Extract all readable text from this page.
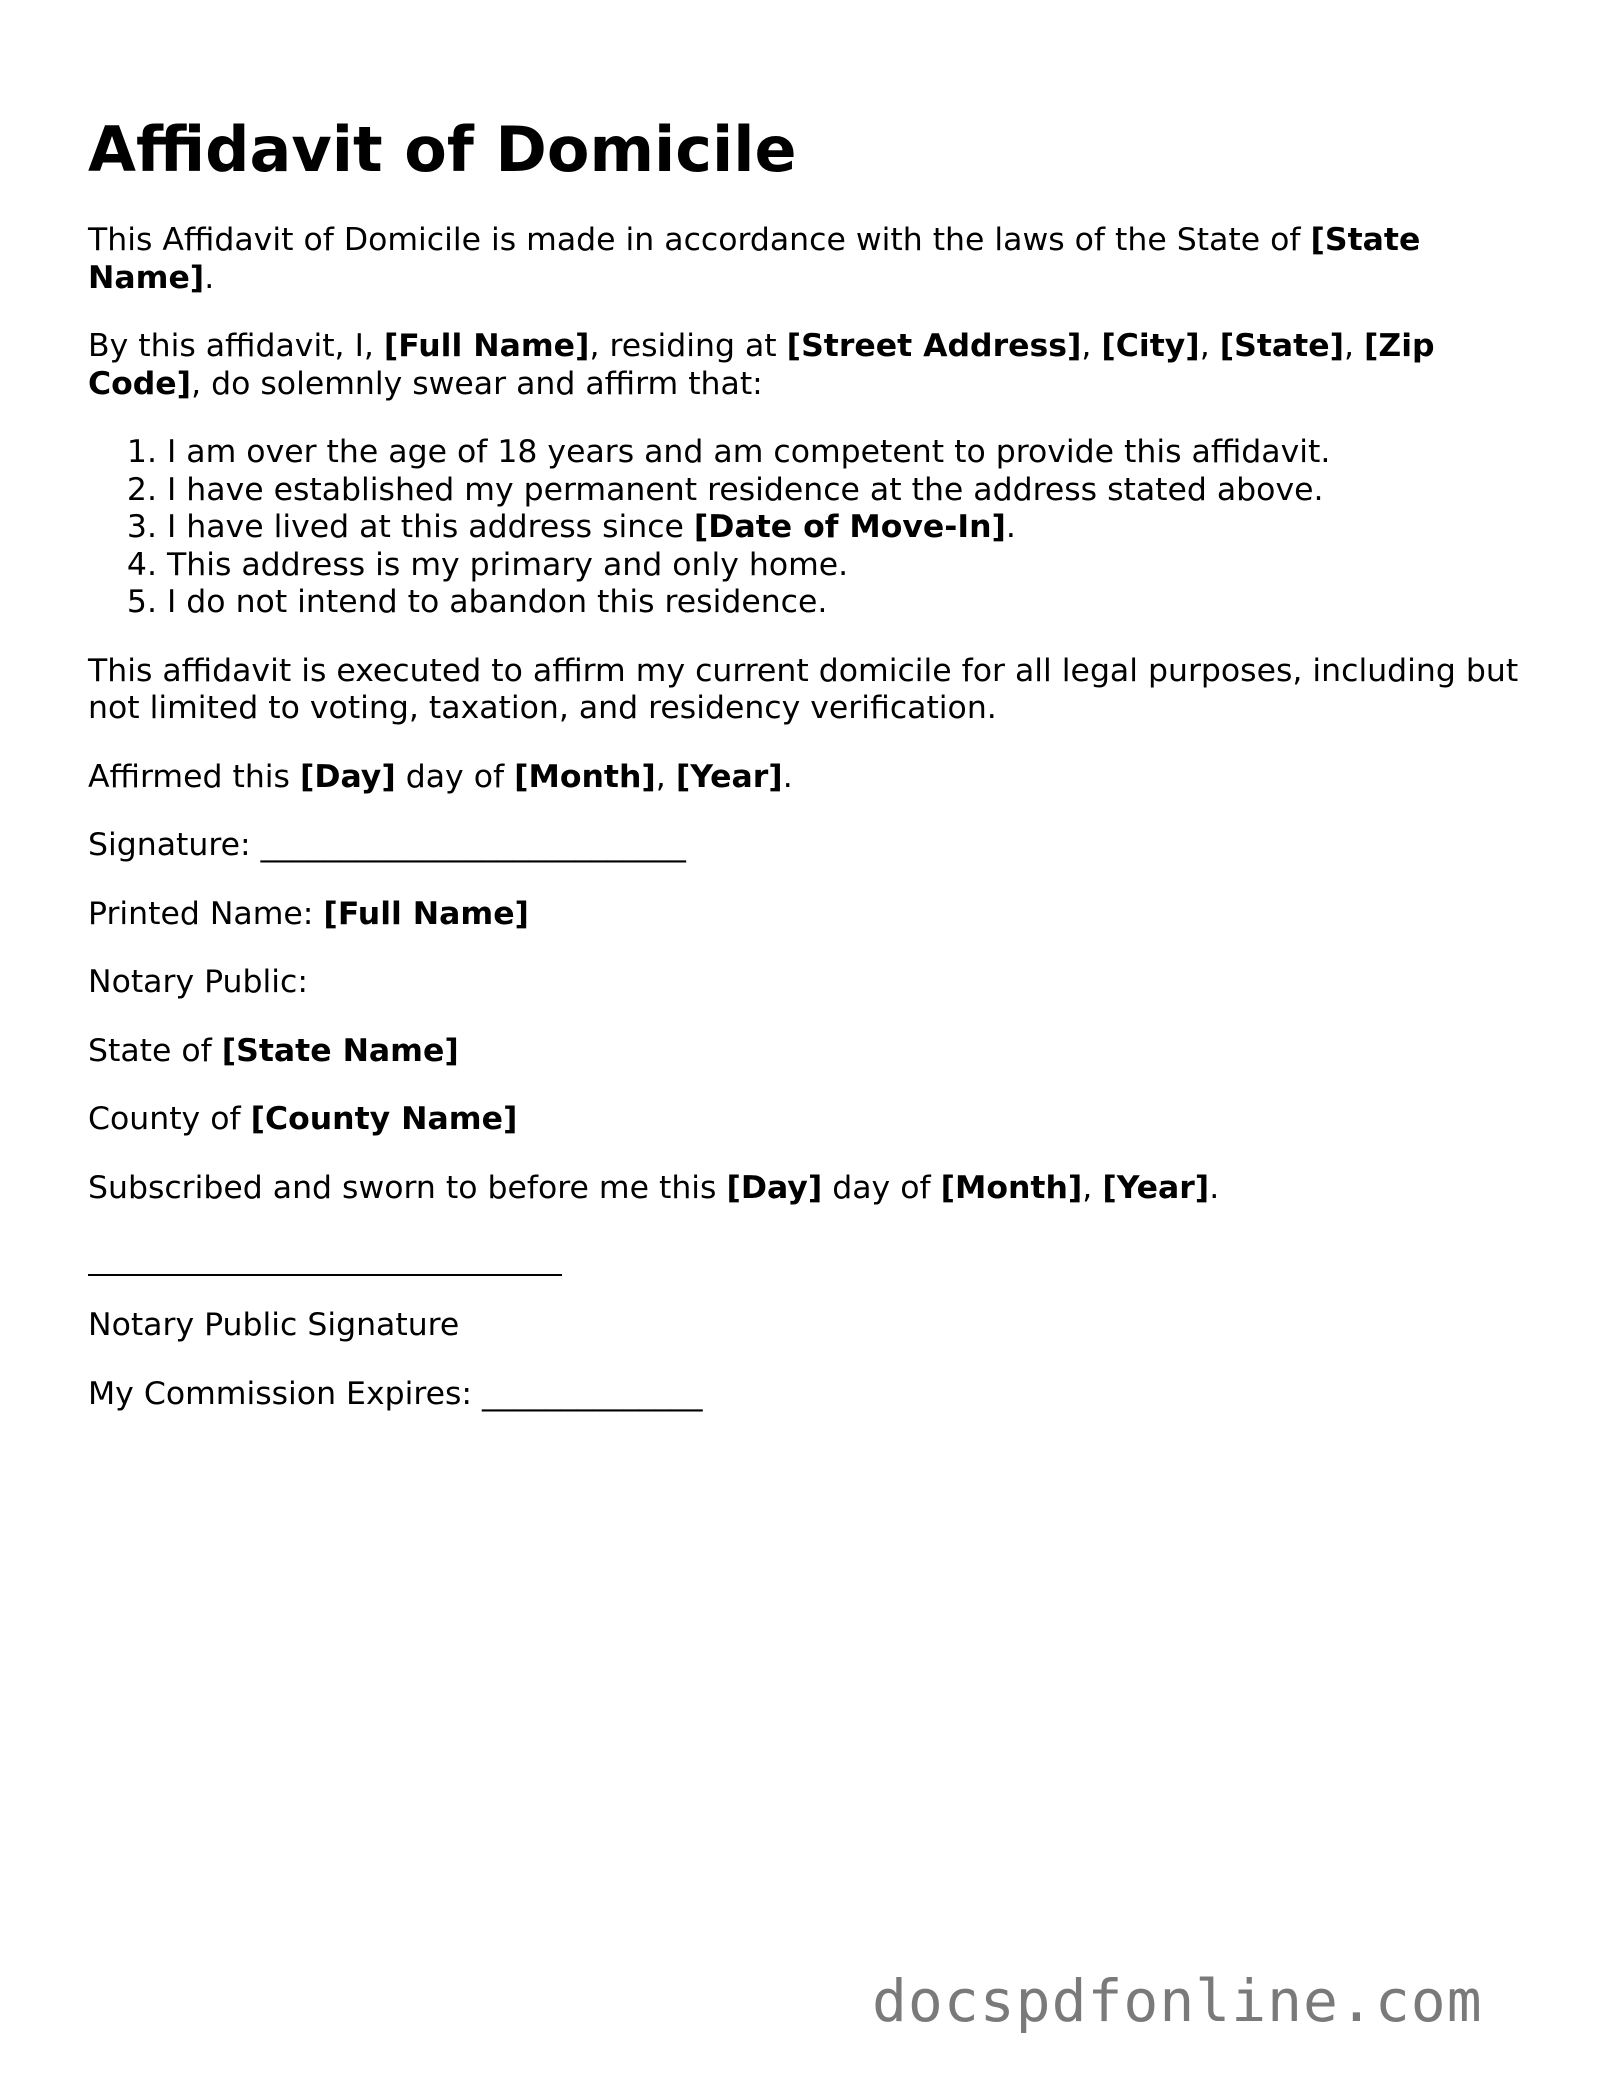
Affidavit of Domicile

This Affidavit of Domicile is made in accordance with the laws of the State of [State Name].

By this affidavit, I, [Full Name], residing at [Street Address], [City], [State], [Zip Code], do solemnly swear and affirm that:

1. I am over the age of 18 years and am competent to provide this affidavit.
2. I have established my permanent residence at the address stated above.
3. I have lived at this address since [Date of Move-In].
4. This address is my primary and only home.
5. I do not intend to abandon this residence.

This affidavit is executed to affirm my current domicile for all legal purposes, including but not limited to voting, taxation, and residency verification.

Affirmed this [Day] day of [Month], [Year].

Signature: ___________________________

Printed Name: [Full Name]

Notary Public:

State of [State Name]

County of [County Name]

Subscribed and sworn to before me this [Day] day of [Month], [Year].

Notary Public Signature

My Commission Expires: ______________

docspdfonline.com
